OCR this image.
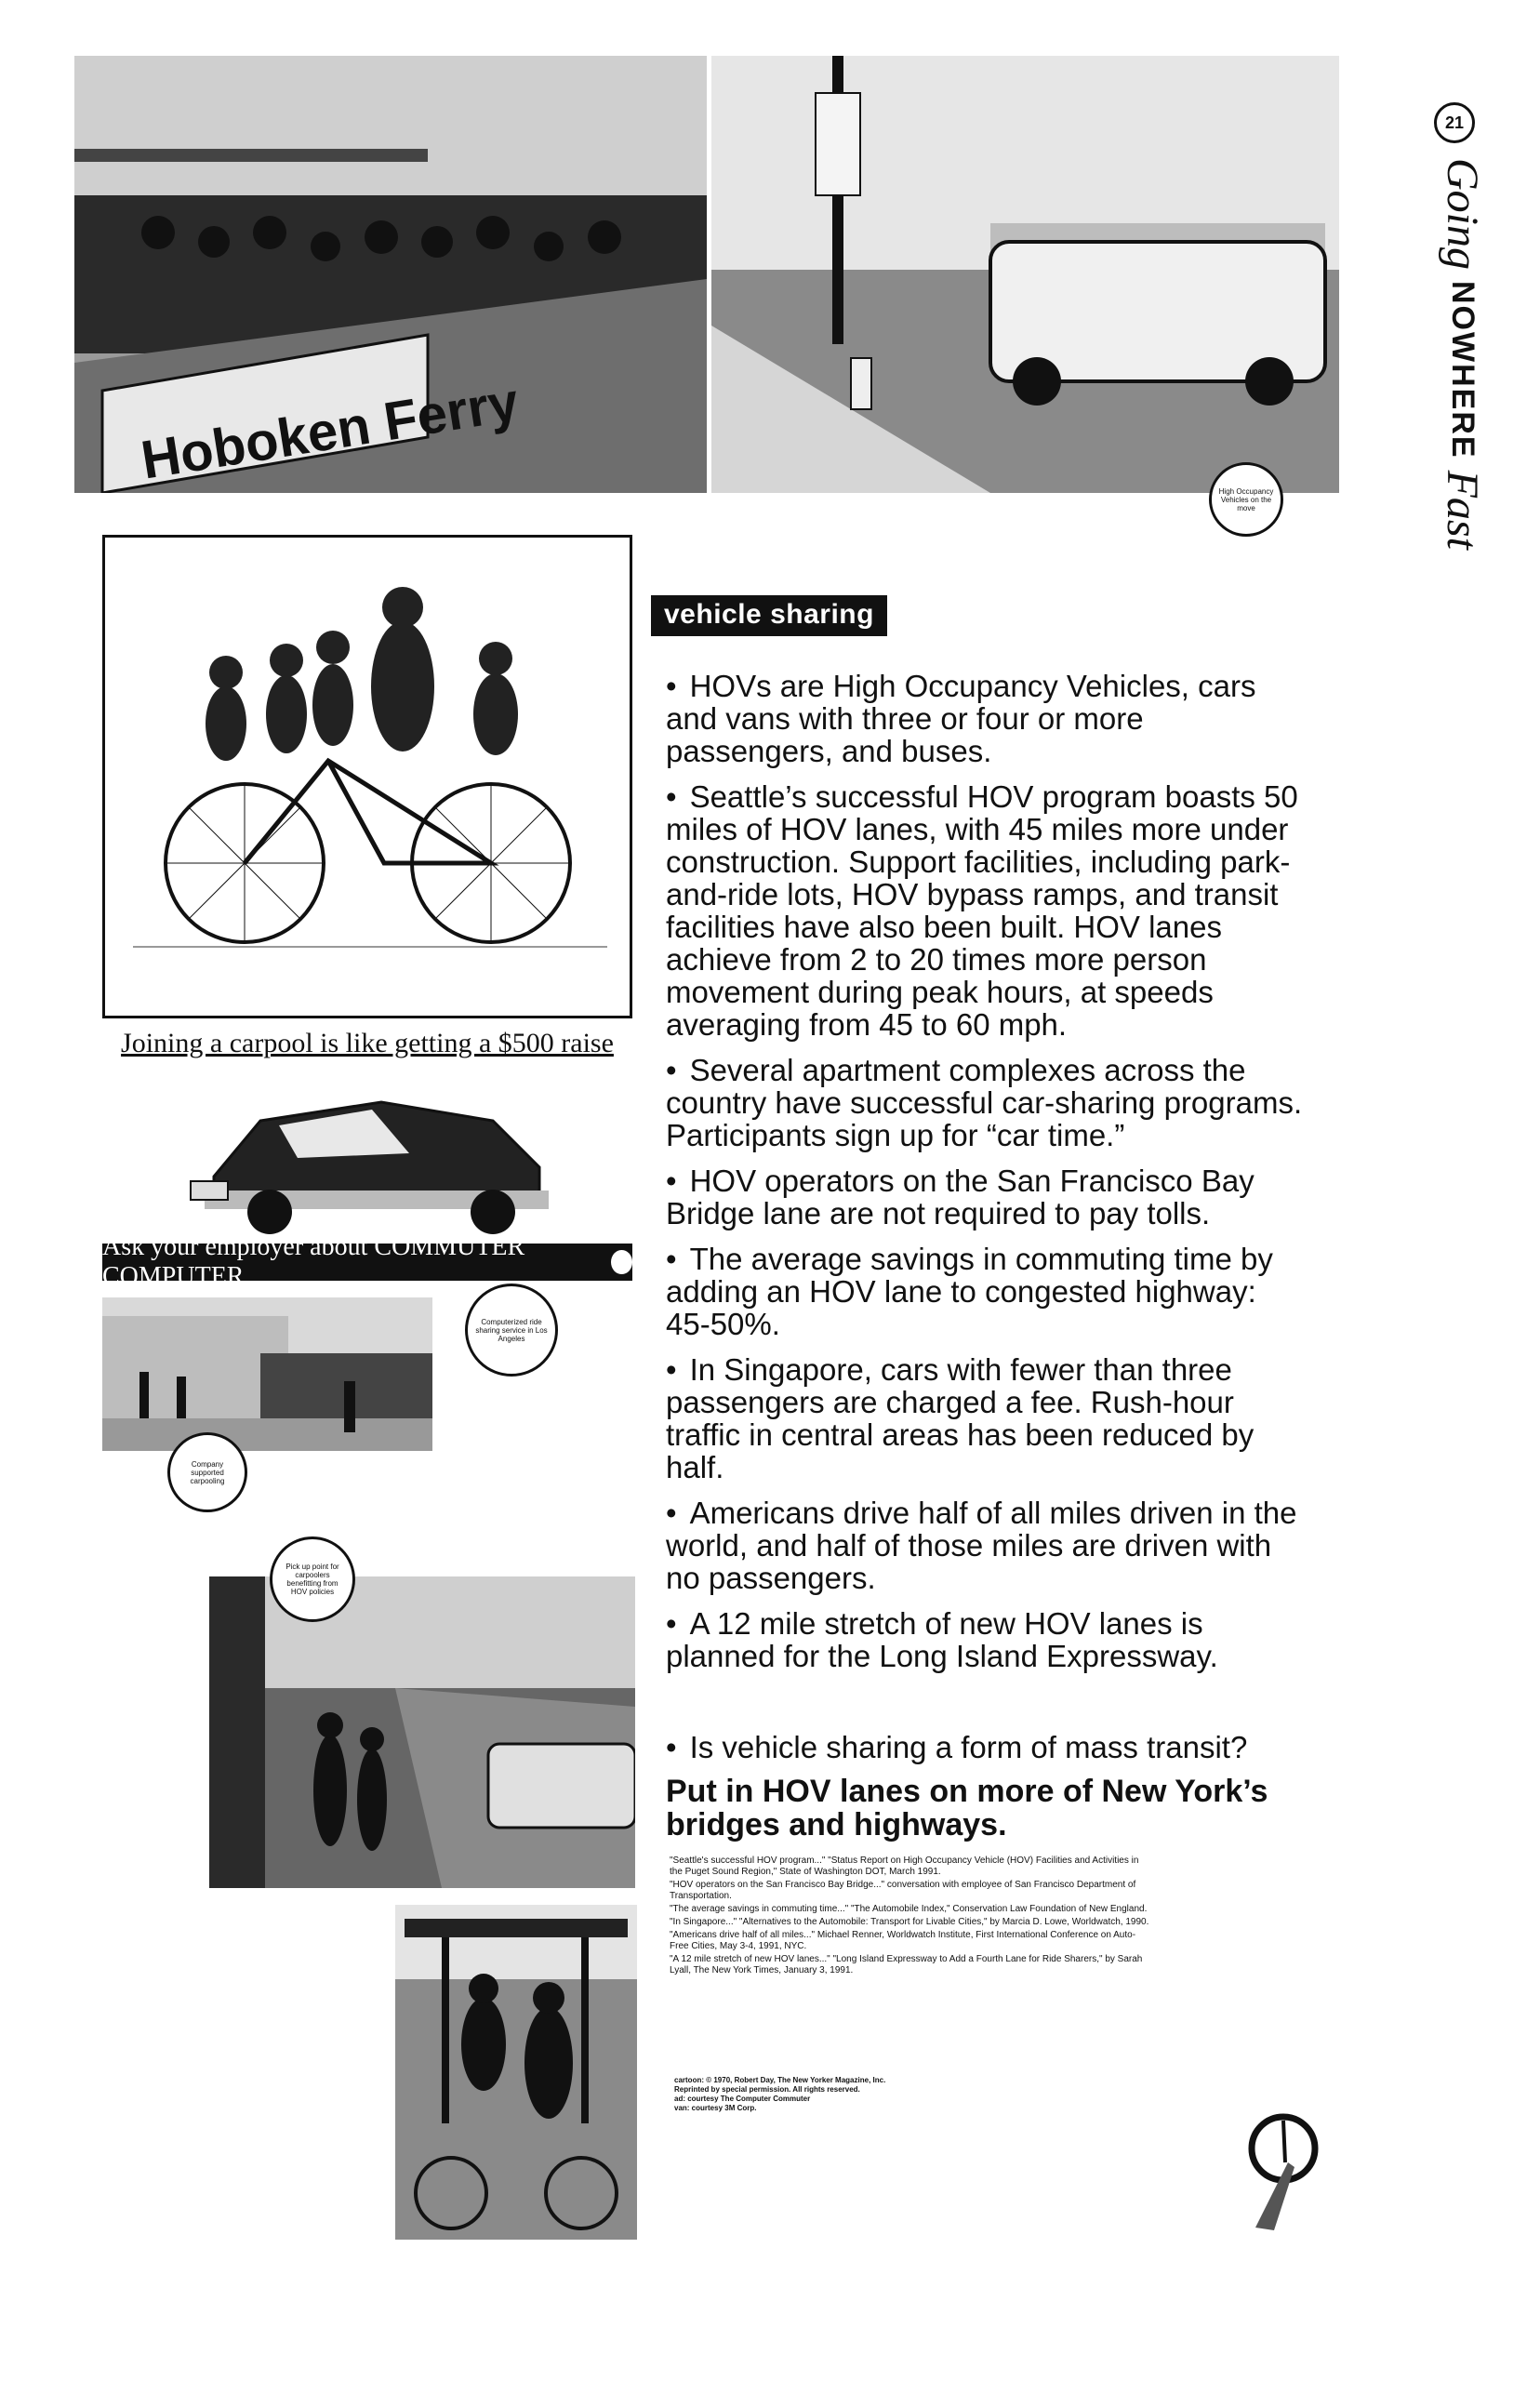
Hoboken Ferry
High Occupancy Vehicles on the move
21
Going
NOWHERE
Fast
Joining a carpool is like getting a $500 raise
Ask your employer about COMMUTER COMPUTER.
Computerized ride sharing service in Los Angeles
Company supported carpooling
Pick up point for carpoolers benefitting from HOV policies
vehicle sharing

• HOVs are High Occupancy Vehicles, cars and vans with three or four or more passengers, and buses.

• Seattle’s successful HOV program boasts 50 miles of HOV lanes, with 45 miles more under construction. Support facilities, including park-and-ride lots, HOV bypass ramps, and transit facilities have also been built. HOV lanes achieve from 2 to 20 times more person movement during peak hours, at speeds averaging from 45 to 60 mph.

• Several apartment complexes across the country have successful car-sharing programs. Participants sign up for “car time.”

• HOV operators on the San Francisco Bay Bridge lane are not required to pay tolls.

• The average savings in commuting time by adding an HOV lane to congested highway: 45-50%.

• In Singapore, cars with fewer than three passengers are charged a fee. Rush-hour traffic in central areas has been reduced by half.

• Americans drive half of all miles driven in the world, and half of those miles are driven with no passengers.

• A 12 mile stretch of new HOV lanes is planned for the Long Island Expressway.

• Is vehicle sharing a form of mass transit?

Put in HOV lanes on more of New York’s bridges and highways.

"Seattle's successful HOV program..." "Status Report on High Occupancy Vehicle (HOV) Facilities and Activities in the Puget Sound Region," State of Washington DOT, March 1991.

"HOV operators on the San Francisco Bay Bridge..." conversation with employee of San Francisco Department of Transportation.

"The average savings in commuting time..." "The Automobile Index," Conservation Law Foundation of New England.

"In Singapore..." "Alternatives to the Automobile: Transport for Livable Cities," by Marcia D. Lowe, Worldwatch, 1990.

"Americans drive half of all miles..." Michael Renner, Worldwatch Institute, First International Conference on Auto-Free Cities, May 3-4, 1991, NYC.

"A 12 mile stretch of new HOV lanes..." "Long Island Expressway to Add a Fourth Lane for Ride Sharers," by Sarah Lyall, The New York Times, January 3, 1991.

cartoon: © 1970, Robert Day, The New Yorker Magazine, Inc.

Reprinted by special permission. All rights reserved.

ad: courtesy The Computer Commuter

van: courtesy 3M Corp.
